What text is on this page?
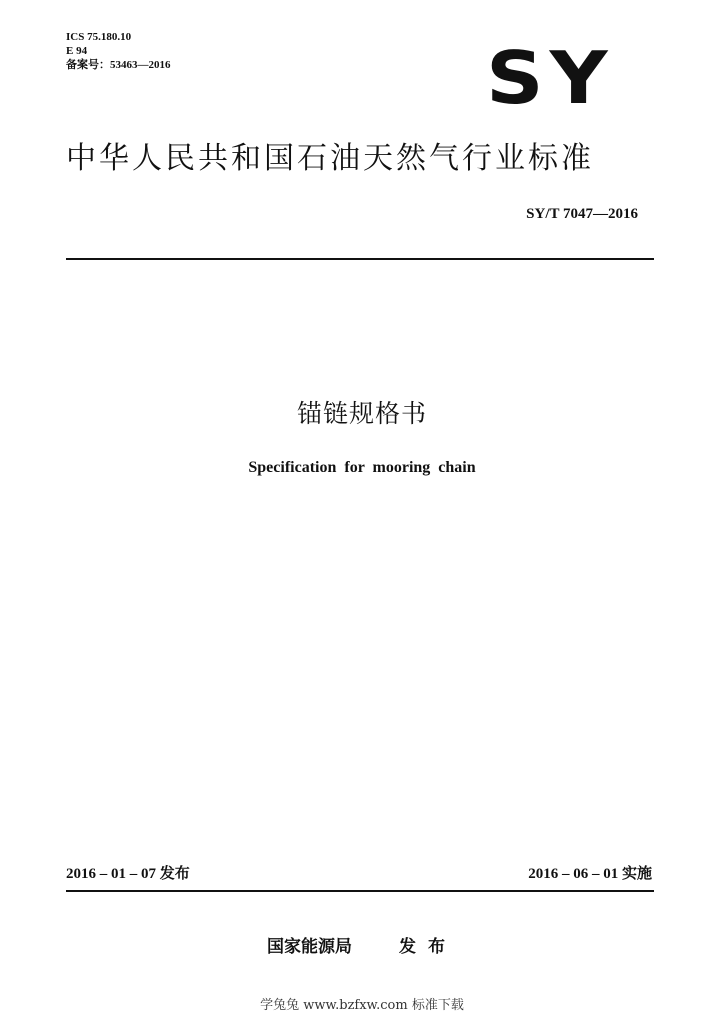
ICS 75.180.10
E 94
备案号：53463—2016	SY
中华人民共和国石油天然气行业标准
SY/T 7047—2016
锚链规格书
Specification for mooring chain
2016 – 01 – 07 发布	2016 – 06 – 01 实施
国家能源局	发布
学兔兔 www.bzfxw.com 标准下载
